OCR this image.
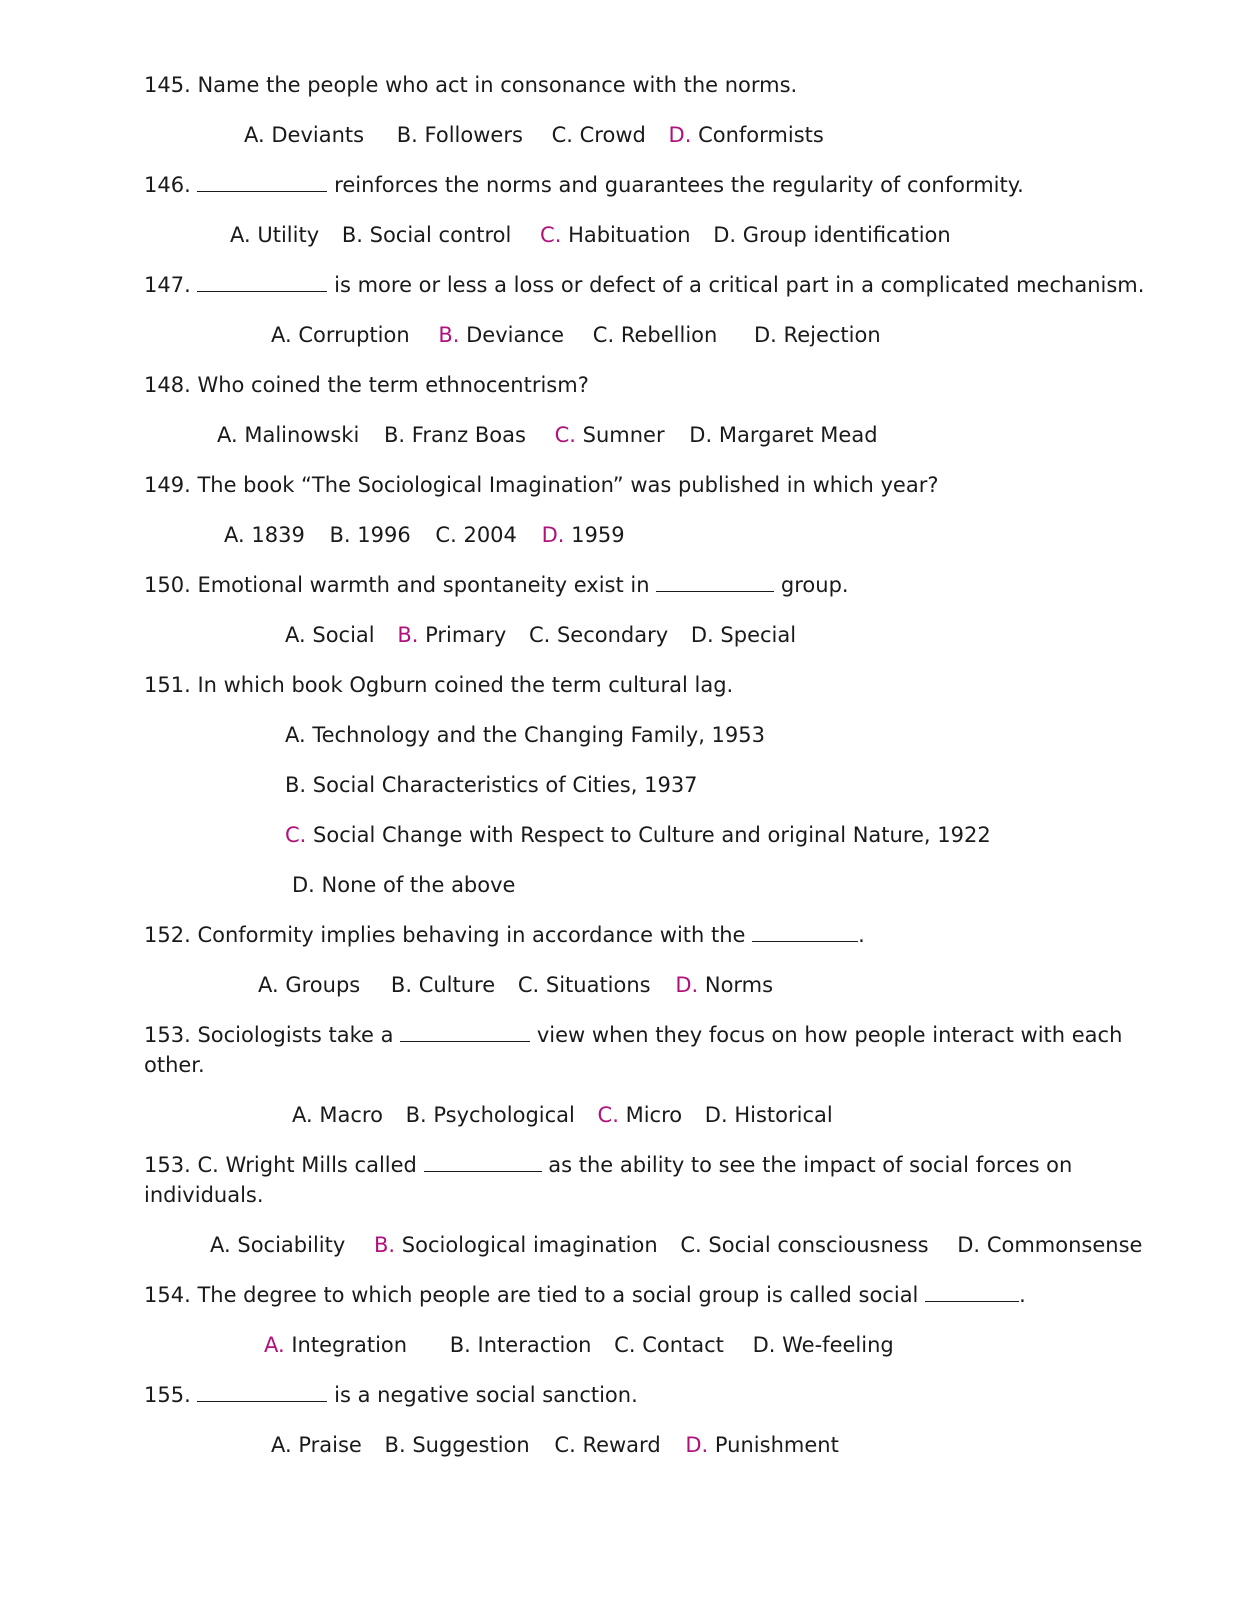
145. Name the people who act in consonance with the norms.
A. Deviants B. Followers C. Crowd D. Conformists
146.	reinforces the norms and guarantees the regularity of conformity.
A. Utility B. Social control C. Habituation D. Group identification
147.	is more or less a loss or defect of a critical part in a complicated mechanism.
A. Corruption B. Deviance C. Rebellion D. Rejection
148. Who coined the term ethnocentrism?
A. Malinowski B. Franz Boas C. Sumner D. Margaret Mead
149. The book “The Sociological Imagination” was published in which year?
A. 1839 B. 1996 C. 2004 D. 1959
150. Emotional warmth and spontaneity exist in	group.
A. Social B. Primary C. Secondary D. Special
151. In which book Ogburn coined the term cultural lag.
A. Technology and the Changing Family, 1953
B. Social Characteristics of Cities, 1937
C. Social Change with Respect to Culture and original Nature, 1922
D. None of the above
152. Conformity implies behaving in accordance with the	.
A. Groups B. Culture C. Situations D. Norms
153. Sociologists take a	view when they focus on how people interact with each
other.
A. Macro B. Psychological C. Micro D. Historical
153. C. Wright Mills called	as the ability to see the impact of social forces on
individuals.
A. Sociability B. Sociological imagination C. Social consciousness D. Commonsense
154. The degree to which people are tied to a social group is called social	.
A. Integration B. Interaction C. Contact D. We-feeling
155.	is a negative social sanction.
A. Praise B. Suggestion C. Reward D. Punishment
